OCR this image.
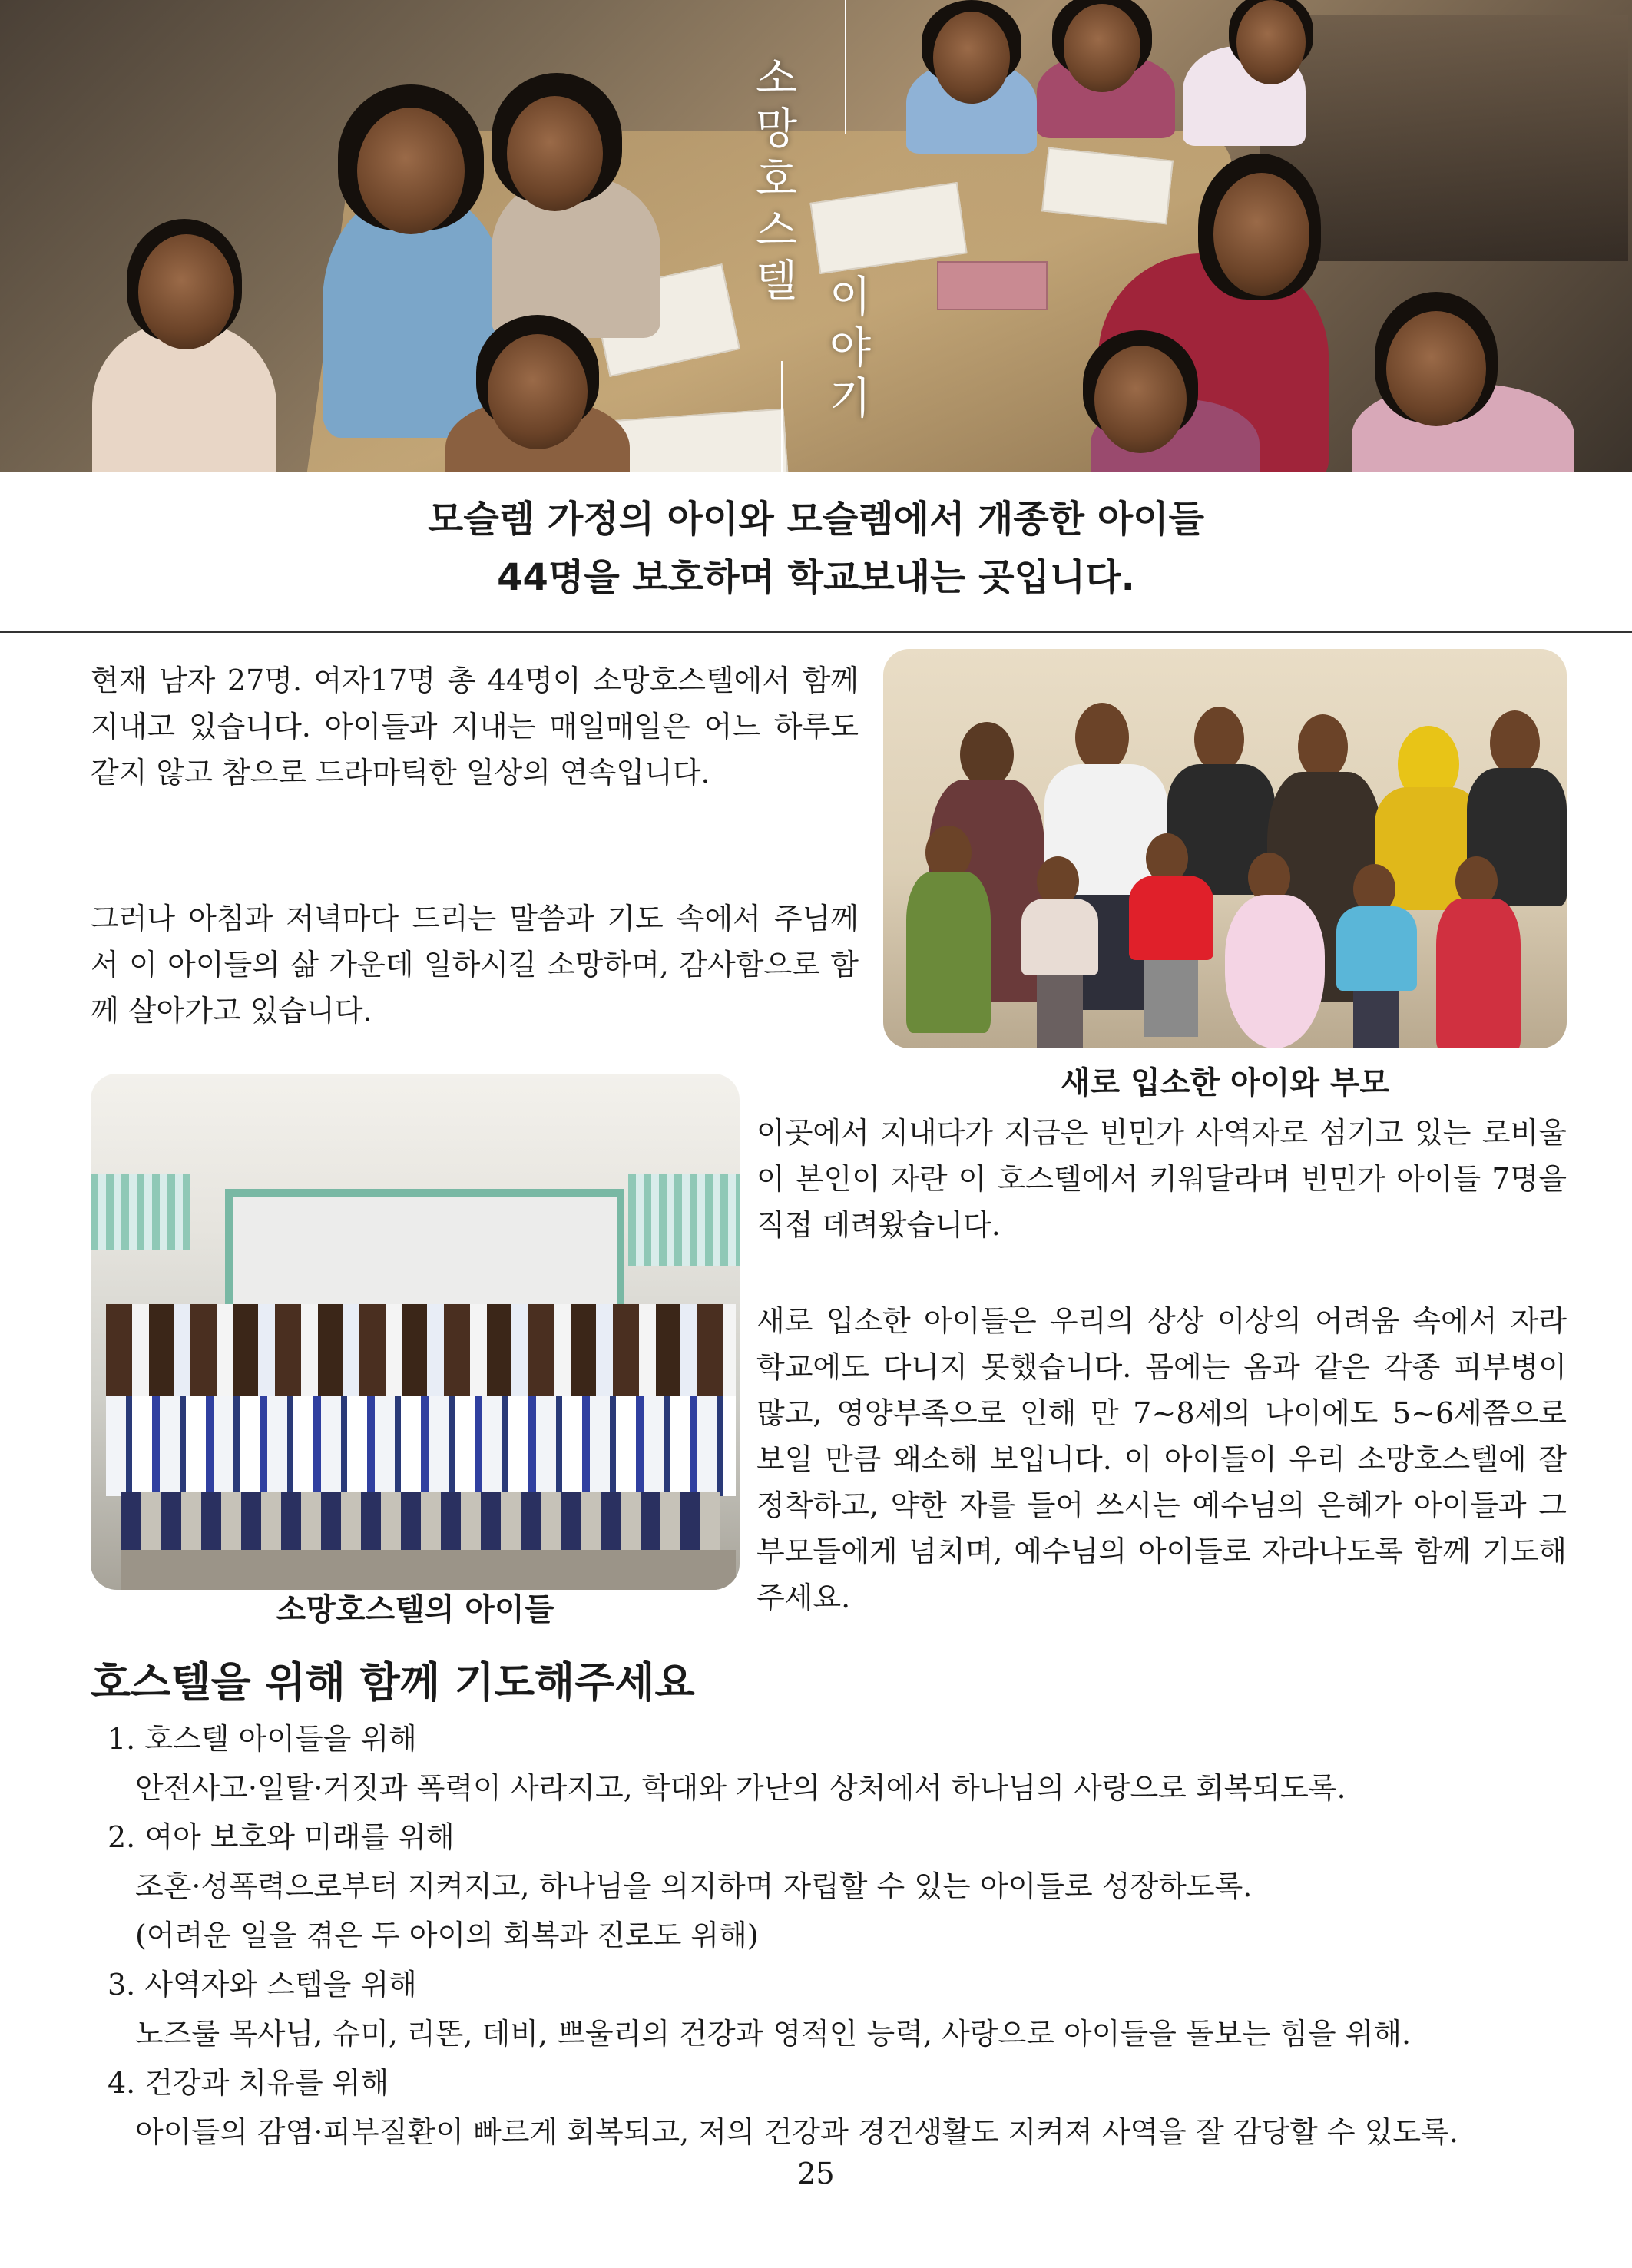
소망호스텔 이야기
모슬렘 가정의 아이와 모슬렘에서 개종한 아이들
44명을 보호하며 학교보내는 곳입니다.

현재 남자 27명. 여자17명 총 44명이 소망호스텔에서 함께 지내고 있습니다. 아이들과 지내는 매일매일은 어느 하루도 같지 않고 참으로 드라마틱한 일상의 연속입니다.

그러나 아침과 저녁마다 드리는 말씀과 기도 속에서 주님께서 이 아이들의 삶 가운데 일하시길 소망하며, 감사함으로 함께 살아가고 있습니다.

새로 입소한 아이와 부모
소망호스텔의 아이들

이곳에서 지내다가 지금은 빈민가 사역자로 섬기고 있는 로비울이 본인이 자란 이 호스텔에서 키워달라며 빈민가 아이들 7명을 직접 데려왔습니다.

새로 입소한 아이들은 우리의 상상 이상의 어려움 속에서 자라 학교에도 다니지 못했습니다. 몸에는 옴과 같은 각종 피부병이 많고, 영양부족으로 인해 만 7~8세의 나이에도 5~6세쯤으로 보일 만큼 왜소해 보입니다. 이 아이들이 우리 소망호스텔에 잘 정착하고, 약한 자를 들어 쓰시는 예수님의 은혜가 아이들과 그 부모들에게 넘치며, 예수님의 아이들로 자라나도록 함께 기도해 주세요.

호스텔을 위해 함께 기도해주세요
1. 호스텔 아이들을 위해
안전사고·일탈·거짓과 폭력이 사라지고, 학대와 가난의 상처에서 하나님의 사랑으로 회복되도록.
2. 여아 보호와 미래를 위해
조혼·성폭력으로부터 지켜지고, 하나님을 의지하며 자립할 수 있는 아이들로 성장하도록.
(어려운 일을 겪은 두 아이의 회복과 진로도 위해)
3. 사역자와 스텝을 위해
노즈룰 목사님, 슈미, 리똔, 데비, 쁘울리의 건강과 영적인 능력, 사랑으로 아이들을 돌보는 힘을 위해.
4. 건강과 치유를 위해
아이들의 감염·피부질환이 빠르게 회복되고, 저의 건강과 경건생활도 지켜져 사역을 잘 감당할 수 있도록.
25
